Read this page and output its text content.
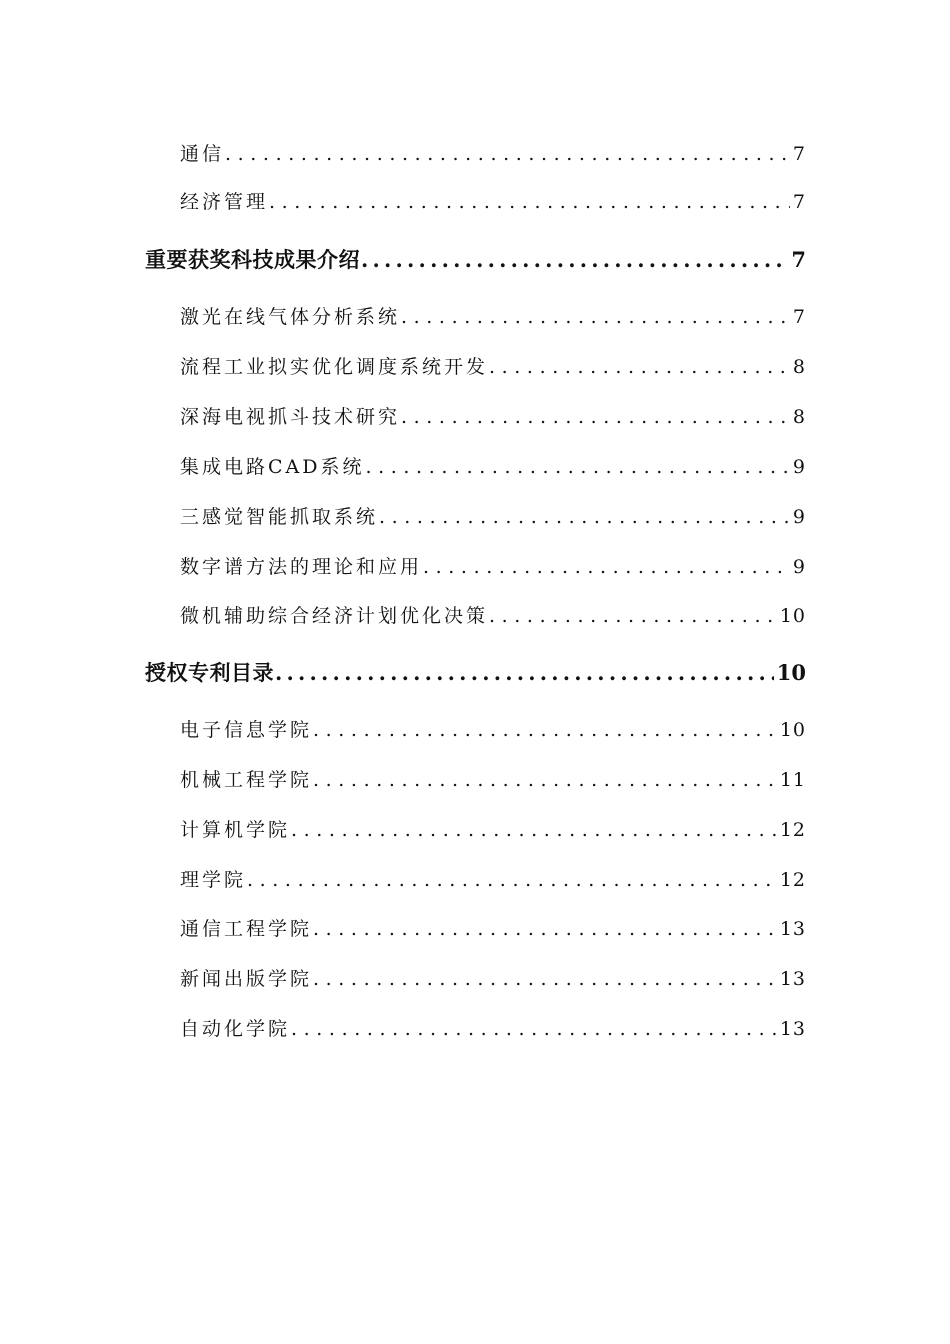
通信 .....	7
经济管理 .....	7
重要获奖科技成果介绍 .....	7
激光在线气体分析系统 .....	7
流程工业拟实优化调度系统开发 .....	8
深海电视抓斗技术研究 .....	8
集成电路CAD系统 .....	9
三感觉智能抓取系统 .....	9
数字谱方法的理论和应用 .....	9
微机辅助综合经济计划优化决策 .....	10
授权专利目录 .....	10
电子信息学院 .....	10
机械工程学院 .....	11
计算机学院 .....	12
理学院 .....	12
通信工程学院 .....	13
新闻出版学院 .....	13
自动化学院 .....	13
